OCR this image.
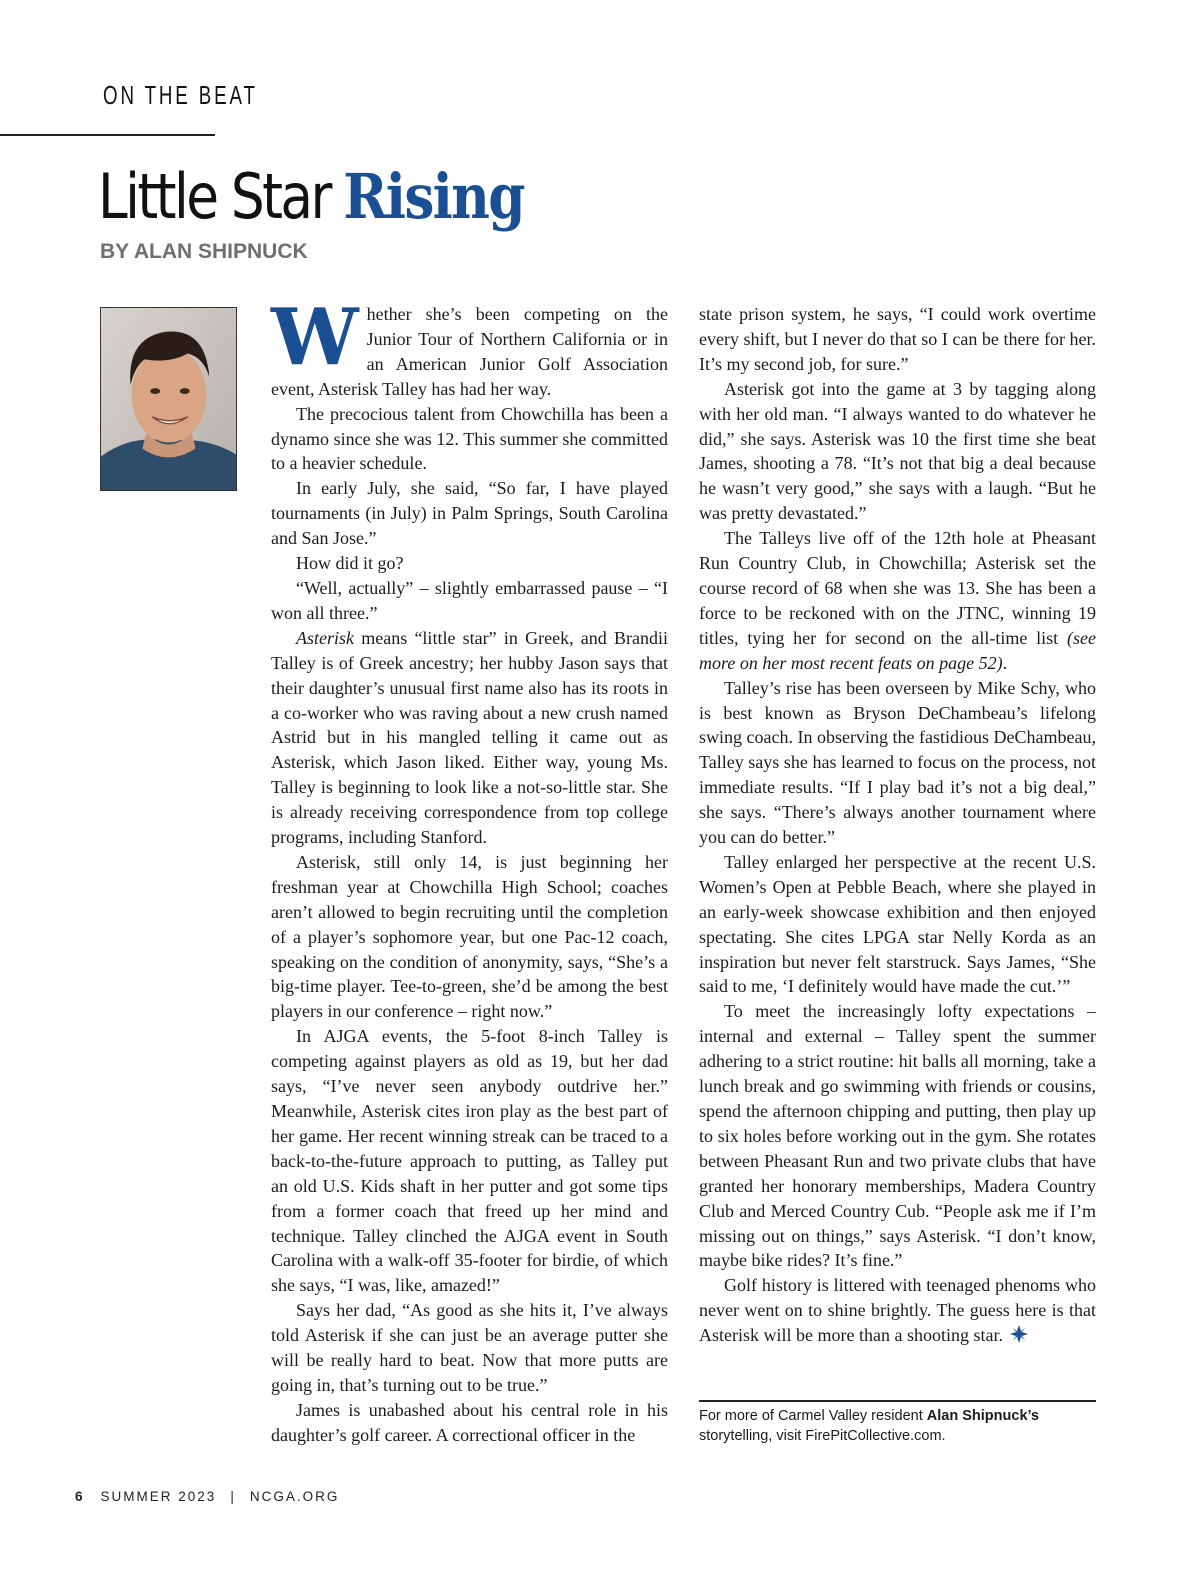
ON THE BEAT
Little Star Rising
BY ALAN SHIPNUCK

Whether she’s been competing on the Junior Tour of Northern California or in an American Junior Golf Association event, Asterisk Talley has had her way.

The precocious talent from Chowchilla has been a dynamo since she was 12. This summer she committed to a heavier schedule.

In early July, she said, “So far, I have played tournaments (in July) in Palm Springs, South Carolina and San Jose.”

How did it go?

“Well, actually” – slightly embarrassed pause – “I won all three.”

Asterisk means “little star” in Greek, and Brandii Talley is of Greek ancestry; her hubby Jason says that their daughter’s unusual first name also has its roots in a co-worker who was raving about a new crush named Astrid but in his mangled telling it came out as Asterisk, which Jason liked. Either way, young Ms. Talley is beginning to look like a not-so-little star. She is already receiving correspondence from top college programs, including Stanford.

Asterisk, still only 14, is just beginning her freshman year at Chowchilla High School; coaches aren’t allowed to begin recruiting until the completion of a player’s sophomore year, but one Pac-12 coach, speaking on the condition of anonymity, says, “She’s a big-time player. Tee-to-green, she’d be among the best players in our conference – right now.”

In AJGA events, the 5-foot 8-inch Talley is competing against players as old as 19, but her dad says, “I’ve never seen anybody outdrive her.” Meanwhile, Asterisk cites iron play as the best part of her game. Her recent winning streak can be traced to a back-to-the-future approach to putting, as Talley put an old U.S. Kids shaft in her putter and got some tips from a former coach that freed up her mind and technique. Talley clinched the AJGA event in South Carolina with a walk-off 35-footer for birdie, of which she says, “I was, like, amazed!”

Says her dad, “As good as she hits it, I’ve always told Asterisk if she can just be an average putter she will be really hard to beat. Now that more putts are going in, that’s turning out to be true.”

James is unabashed about his central role in his daughter’s golf career. A correctional officer in the

state prison system, he says, “I could work overtime every shift, but I never do that so I can be there for her. It’s my second job, for sure.”

Asterisk got into the game at 3 by tagging along with her old man. “I always wanted to do whatever he did,” she says. Asterisk was 10 the first time she beat James, shooting a 78. “It’s not that big a deal because he wasn’t very good,” she says with a laugh. “But he was pretty devastated.”

The Talleys live off of the 12th hole at Pheasant Run Country Club, in Chowchilla; Asterisk set the course record of 68 when she was 13. She has been a force to be reckoned with on the JTNC, winning 19 titles, tying her for second on the all-time list (see more on her most recent feats on page 52).

Talley’s rise has been overseen by Mike Schy, who is best known as Bryson DeChambeau’s lifelong swing coach. In observing the fastidious DeChambeau, Talley says she has learned to focus on the process, not immediate results. “If I play bad it’s not a big deal,” she says. “There’s always another tournament where you can do better.”

Talley enlarged her perspective at the recent U.S. Women’s Open at Pebble Beach, where she played in an early-week showcase exhibition and then enjoyed spectating. She cites LPGA star Nelly Korda as an inspiration but never felt starstruck. Says James, “She said to me, ‘I definitely would have made the cut.’”

To meet the increasingly lofty expectations – internal and external – Talley spent the summer adhering to a strict routine: hit balls all morning, take a lunch break and go swimming with friends or cousins, spend the afternoon chipping and putting, then play up to six holes before working out in the gym. She rotates between Pheasant Run and two private clubs that have granted her honorary memberships, Madera Country Club and Merced Country Cub. “People ask me if I’m missing out on things,” says Asterisk. “I don’t know, maybe bike rides? It’s fine.”

Golf history is littered with teenaged phenoms who never went on to shine brightly. The guess here is that Asterisk will be more than a shooting star.

For more of Carmel Valley resident Alan Shipnuck’s
storytelling, visit FirePitCollective.com.
6 SUMMER 2023 | NCGA.ORG
